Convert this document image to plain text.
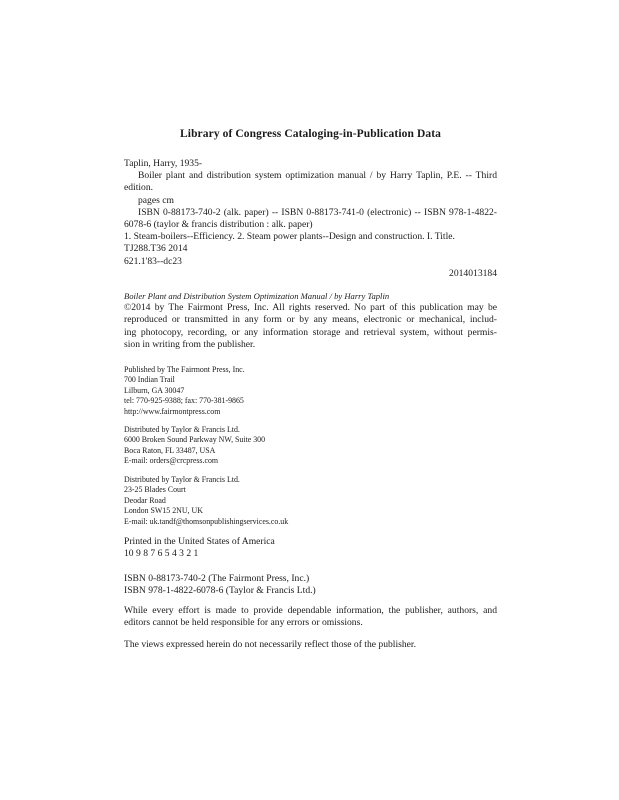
Library of Congress Cataloging-in-Publication Data
Taplin, Harry, 1935-
Boiler plant and distribution system optimization manual / by Harry Taplin, P.E. -- Third
edition.
pages cm
ISBN 0-88173-740-2 (alk. paper) -- ISBN 0-88173-741-0 (electronic) -- ISBN 978-1-4822-
6078-6 (taylor & francis distribution : alk. paper)
1. Steam-boilers--Efficiency. 2. Steam power plants--Design and construction. I. Title.
TJ288.T36 2014
621.1'83--dc23
2014013184
Boiler Plant and Distribution System Optimization Manual / by Harry Taplin
©2014 by The Fairmont Press, Inc. All rights reserved. No part of this publication may be
reproduced or transmitted in any form or by any means, electronic or mechanical, includ-
ing photocopy, recording, or any information storage and retrieval system, without permis-
sion in writing from the publisher.
Published by The Fairmont Press, Inc.
700 Indian Trail
Lilburn, GA 30047
tel: 770-925-9388; fax: 770-381-9865
http://www.fairmontpress.com
Distributed by Taylor & Francis Ltd.
6000 Broken Sound Parkway NW, Suite 300
Boca Raton, FL 33487, USA
E-mail: orders@crcpress.com
Distributed by Taylor & Francis Ltd.
23-25 Blades Court
Deodar Road
London SW15 2NU, UK
E-mail: uk.tandf@thomsonpublishingservices.co.uk
Printed in the United States of America
10 9 8 7 6 5 4 3 2 1
ISBN 0-88173-740-2 (The Fairmont Press, Inc.)
ISBN 978-1-4822-6078-6 (Taylor & Francis Ltd.)
While every effort is made to provide dependable information, the publisher, authors, and
editors cannot be held responsible for any errors or omissions.
The views expressed herein do not necessarily reflect those of the publisher.
